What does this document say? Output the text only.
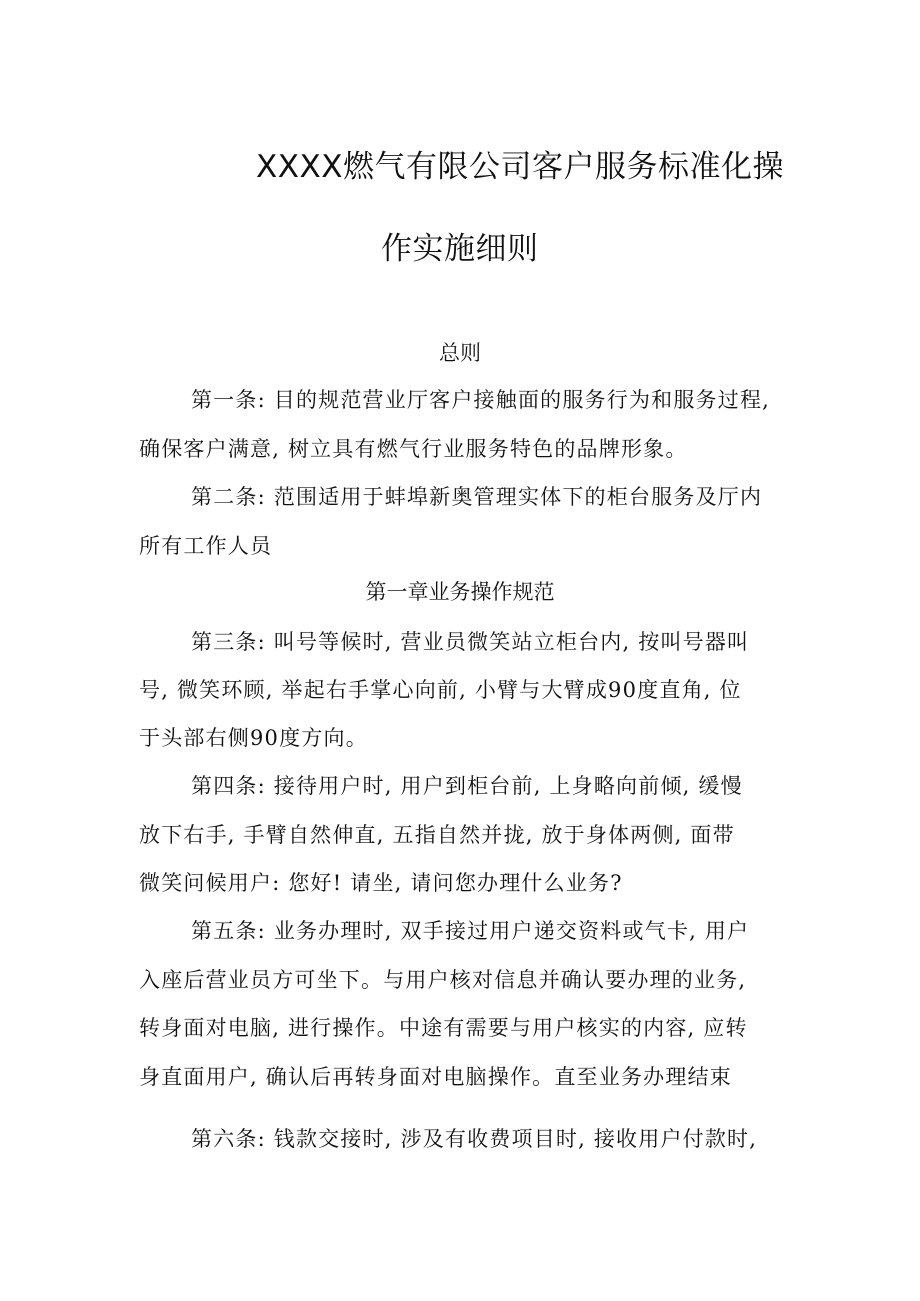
XXXX燃气有限公司客户服务标准化操
作实施细则
总则
第一条: 目的规范营业厅客户接触面的服务行为和服务过程,
确保客户满意, 树立具有燃气行业服务特色的品牌形象。
第二条: 范围适用于蚌埠新奥管理实体下的柜台服务及厅内
所有工作人员
第一章业务操作规范
第三条: 叫号等候时, 营业员微笑站立柜台内, 按叫号器叫
号, 微笑环顾, 举起右手掌心向前, 小臂与大臂成90度直角, 位
于头部右侧90度方向。
第四条: 接待用户时, 用户到柜台前, 上身略向前倾, 缓慢
放下右手, 手臂自然伸直, 五指自然并拢, 放于身体两侧, 面带
微笑问候用户: 您好! 请坐, 请问您办理什么业务?
第五条: 业务办理时, 双手接过用户递交资料或气卡, 用户
入座后营业员方可坐下。与用户核对信息并确认要办理的业务,
转身面对电脑, 进行操作。中途有需要与用户核实的内容, 应转
身直面用户, 确认后再转身面对电脑操作。直至业务办理结束
第六条: 钱款交接时, 涉及有收费项目时, 接收用户付款时,
